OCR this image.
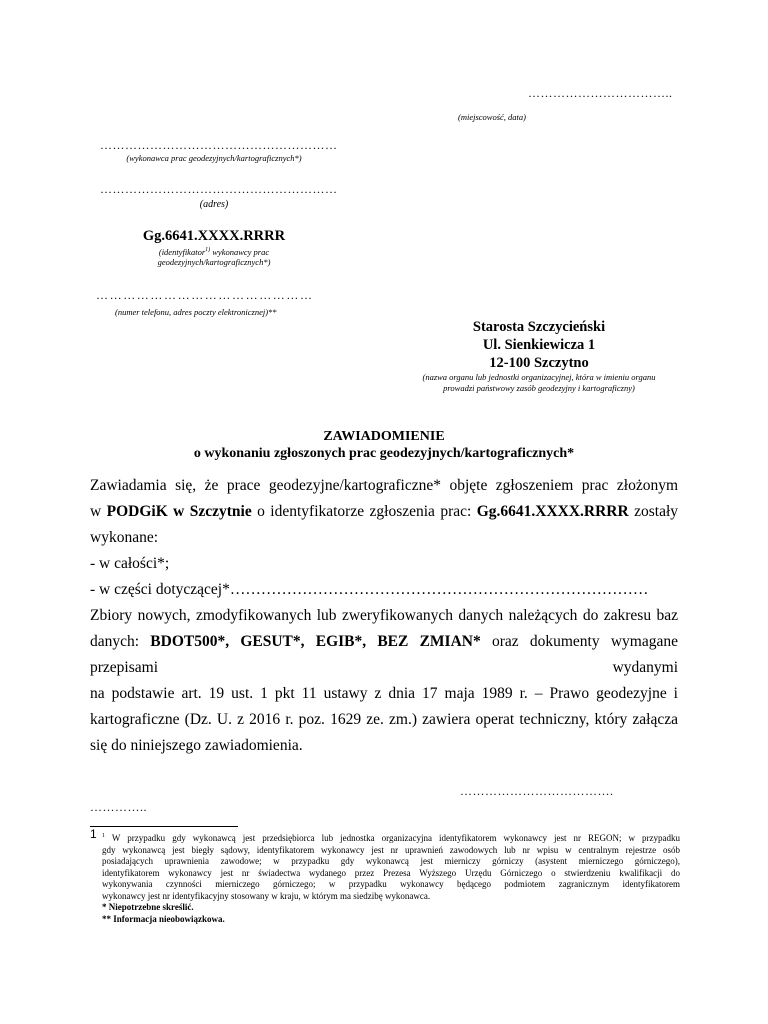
……………………………..
(miejscowość, data)
…………………………………………………
(wykonawca prac geodezyjnych/kartograficznych*)
…………………………………………………
(adres)
Gg.6641.XXXX.RRRR
(identyfikator$^{1)}$ wykonawcy prac
geodezyjnych/kartograficznych*)
…………………………………………
(numer telefonu, adres poczty elektronicznej)**
Starosta Szczycieński
Ul. Sienkiewicza 1
12-100 Szczytno
(nazwa organu lub jednostki organizacyjnej, która w imieniu organu
prowadzi państwowy zasób geodezyjny i kartograficzny)
ZAWIADOMIENIE
o wykonaniu zgłoszonych prac geodezyjnych/kartograficznych*
Zawiadamia się, że prace geodezyjne/kartograficzne* objęte zgłoszeniem prac złożonym
w PODGiK w Szczytnie o identyfikatorze zgłoszenia prac: Gg.6641.XXXX.RRRR zostały
wykonane:
- w całości*;
- w części dotyczącej*………………………………………………………………………
Zbiory nowych, zmodyfikowanych lub zweryfikowanych danych należących do zakresu baz
danych: BDOT500*, GESUT*, EGIB*, BEZ ZMIAN* oraz dokumenty wymagane
przepisami	wydanymi
na podstawie art. 19 ust. 1 pkt 11 ustawy z dnia 17 maja 1989 r. – Prawo geodezyjne i
kartograficzne (Dz. U. z 2016 r. poz. 1629 ze. zm.) zawiera operat techniczny, który załącza
się do niniejszego zawiadomienia.
……………………………….
…………..
1 $^1$ W przypadku gdy wykonawcą jest przedsiębiorca lub jednostka organizacyjna identyfikatorem wykonawcy jest nr REGON; w przypadku
gdy wykonawcą jest biegły sądowy, identyfikatorem wykonawcy jest nr uprawnień zawodowych lub nr wpisu w centralnym rejestrze osób
posiadających uprawnienia zawodowe; w przypadku gdy wykonawcą jest mierniczy górniczy (asystent mierniczego górniczego),
identyfikatorem wykonawcy jest nr świadectwa wydanego przez Prezesa Wyższego Urzędu Górniczego o stwierdzeniu kwalifikacji do
wykonywania czynności mierniczego górniczego; w przypadku wykonawcy będącego podmiotem zagranicznym identyfikatorem
wykonawcy jest nr identyfikacyjny stosowany w kraju, w którym ma siedzibę wykonawca.
* Niepotrzebne skreślić.
** Informacja nieobowiązkowa.
